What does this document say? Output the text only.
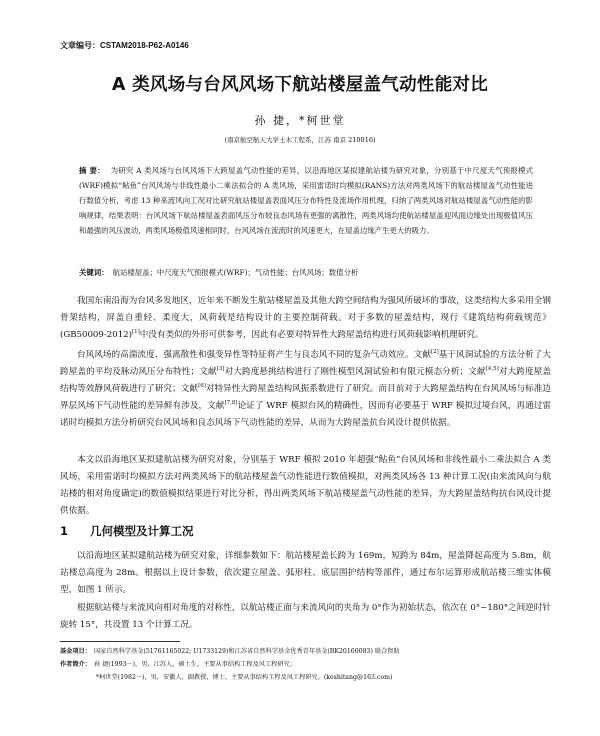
文章编号：CSTAM2018-P62-A0146
A 类风场与台风风场下航站楼屋盖气动性能对比
孙 捷，*柯世堂
(南京航空航天大学土木工程系，江苏 南京 210016)
摘 要： 为研究 A 类风场与台风风场下大跨屋盖气动性能的差异，以沿海地区某拟建航站楼为研究对象，分别基于中尺度天气预报模式(WRF)模拟“鲇鱼”台风风场与非线性最小二乘法拟合的 A 类风场，采用雷诺时均模拟(RANS)方法对两类风场下的航站楼屋盖气动性能进行数值分析，考虑 13 种来流风向工况对比研究航站楼屋盖表面风压分布特性及流场作用机理，归纳了两类风场对航站楼屋盖气动性能的影响规律，结果表明：台风风场下航站楼屋盖表面风压分布较良态风场有更强的离散性，两类风场均使航站楼屋盖迎风面边缘处出现极值风压和最强的风压波动，两类风场极值风速相同时，台风风场在流流时的风速更大，在屋盖边缘产生更大的吸力。
关键词： 航站楼屋盖；中尺度天气预报模式(WRF)；气动性能；台风风场；数值分析

我国东南沿海为台风多发地区，近年来不断发生航站楼屋盖及其他大跨空间结构为强风所破坏的事故，这类结构大多采用全钢骨架结构，屏盖自重轻、柔度大，风荷载是结构设计的主要控制荷载。对于多数的屋盖结构，现行《建筑结构荷载规范》(GB50009-2012)[1]中没有类似的外形可供参考，因此有必要对特异性大跨屋盖结构进行风荷载影响机理研究。

台风风场的高湍流度、强离散性和强变异性等特征将产生与良态风不同的复杂气动效应。文献[2]基于风洞试验的方法分析了大跨屋盖的平均及脉动风压分布特性；文献[3]对大跨度悬挑结构进行了刚性模型风洞试验和有限元模态分析；文献[4,5]对大跨度屋盖结构等效静风荷载进行了研究；文献[6]对特异性大跨屋盖结构风振系数进行了研究。而目前对于大跨屋盖结构在台风风场与标准边界层风场下气动性能的差异鲜有涉及，文献[7,8]论证了 WRF 模拟台风的精确性，因而有必要基于 WRF 模拟过境台风，再通过雷诺时均模拟方法分析研究台风风场和良态风场下气动性能的差异，从而为大跨屋盖抗台风设计提供依据。

本文以沿海地区某拟建航站楼为研究对象，分别基于 WRF 模拟 2010 年超强“鲇鱼”台风风场和非线性最小二乘法拟合 A 类风场，采用雷诺时均模拟方法对两类风场下的航站楼屋盖气动性能进行数值模拟，对两类风场各 13 种计算工况(由来流风向与航站楼的相对角度确定)的数值模拟结果进行对比分析，得出两类风场下航站楼屋盖气动性能的差异，为大跨屋盖结构抗台风设计提供依据。

1 几何模型及计算工况

以沿海地区某拟建航站楼为研究对象，详细参数如下：航站楼屋盖长跨为 169m，短跨为 84m，屋盖降起高度为 5.8m，航站楼总高度为 28m。根据以上设计参数，依次建立屋盖、弧形柱、底层围护结构等部件，通过布尔运算形成航站楼三维实体模型，如图 1 所示。

根据航站楼与来流风向相对角度的对称性，以航站楼正面与来流风向的夹角为 0°作为初始状态，依次在 0°~180°之间逆时针旋转 15°，共设置 13 个计算工况。

基金项目： 国家自然科学基金(51761165022; U1733129)和江苏省自然科学基金优秀青年基金(BK20160083) 联合资助
作者简介： 孙 捷(1993－)，男，江苏人，硕士生，主要从事结构工程及风工程研究；
*柯世堂(1982－)，男，安徽人，副教授，博士，主要从事结构工程及风工程研究。(keshitang@163.com)
